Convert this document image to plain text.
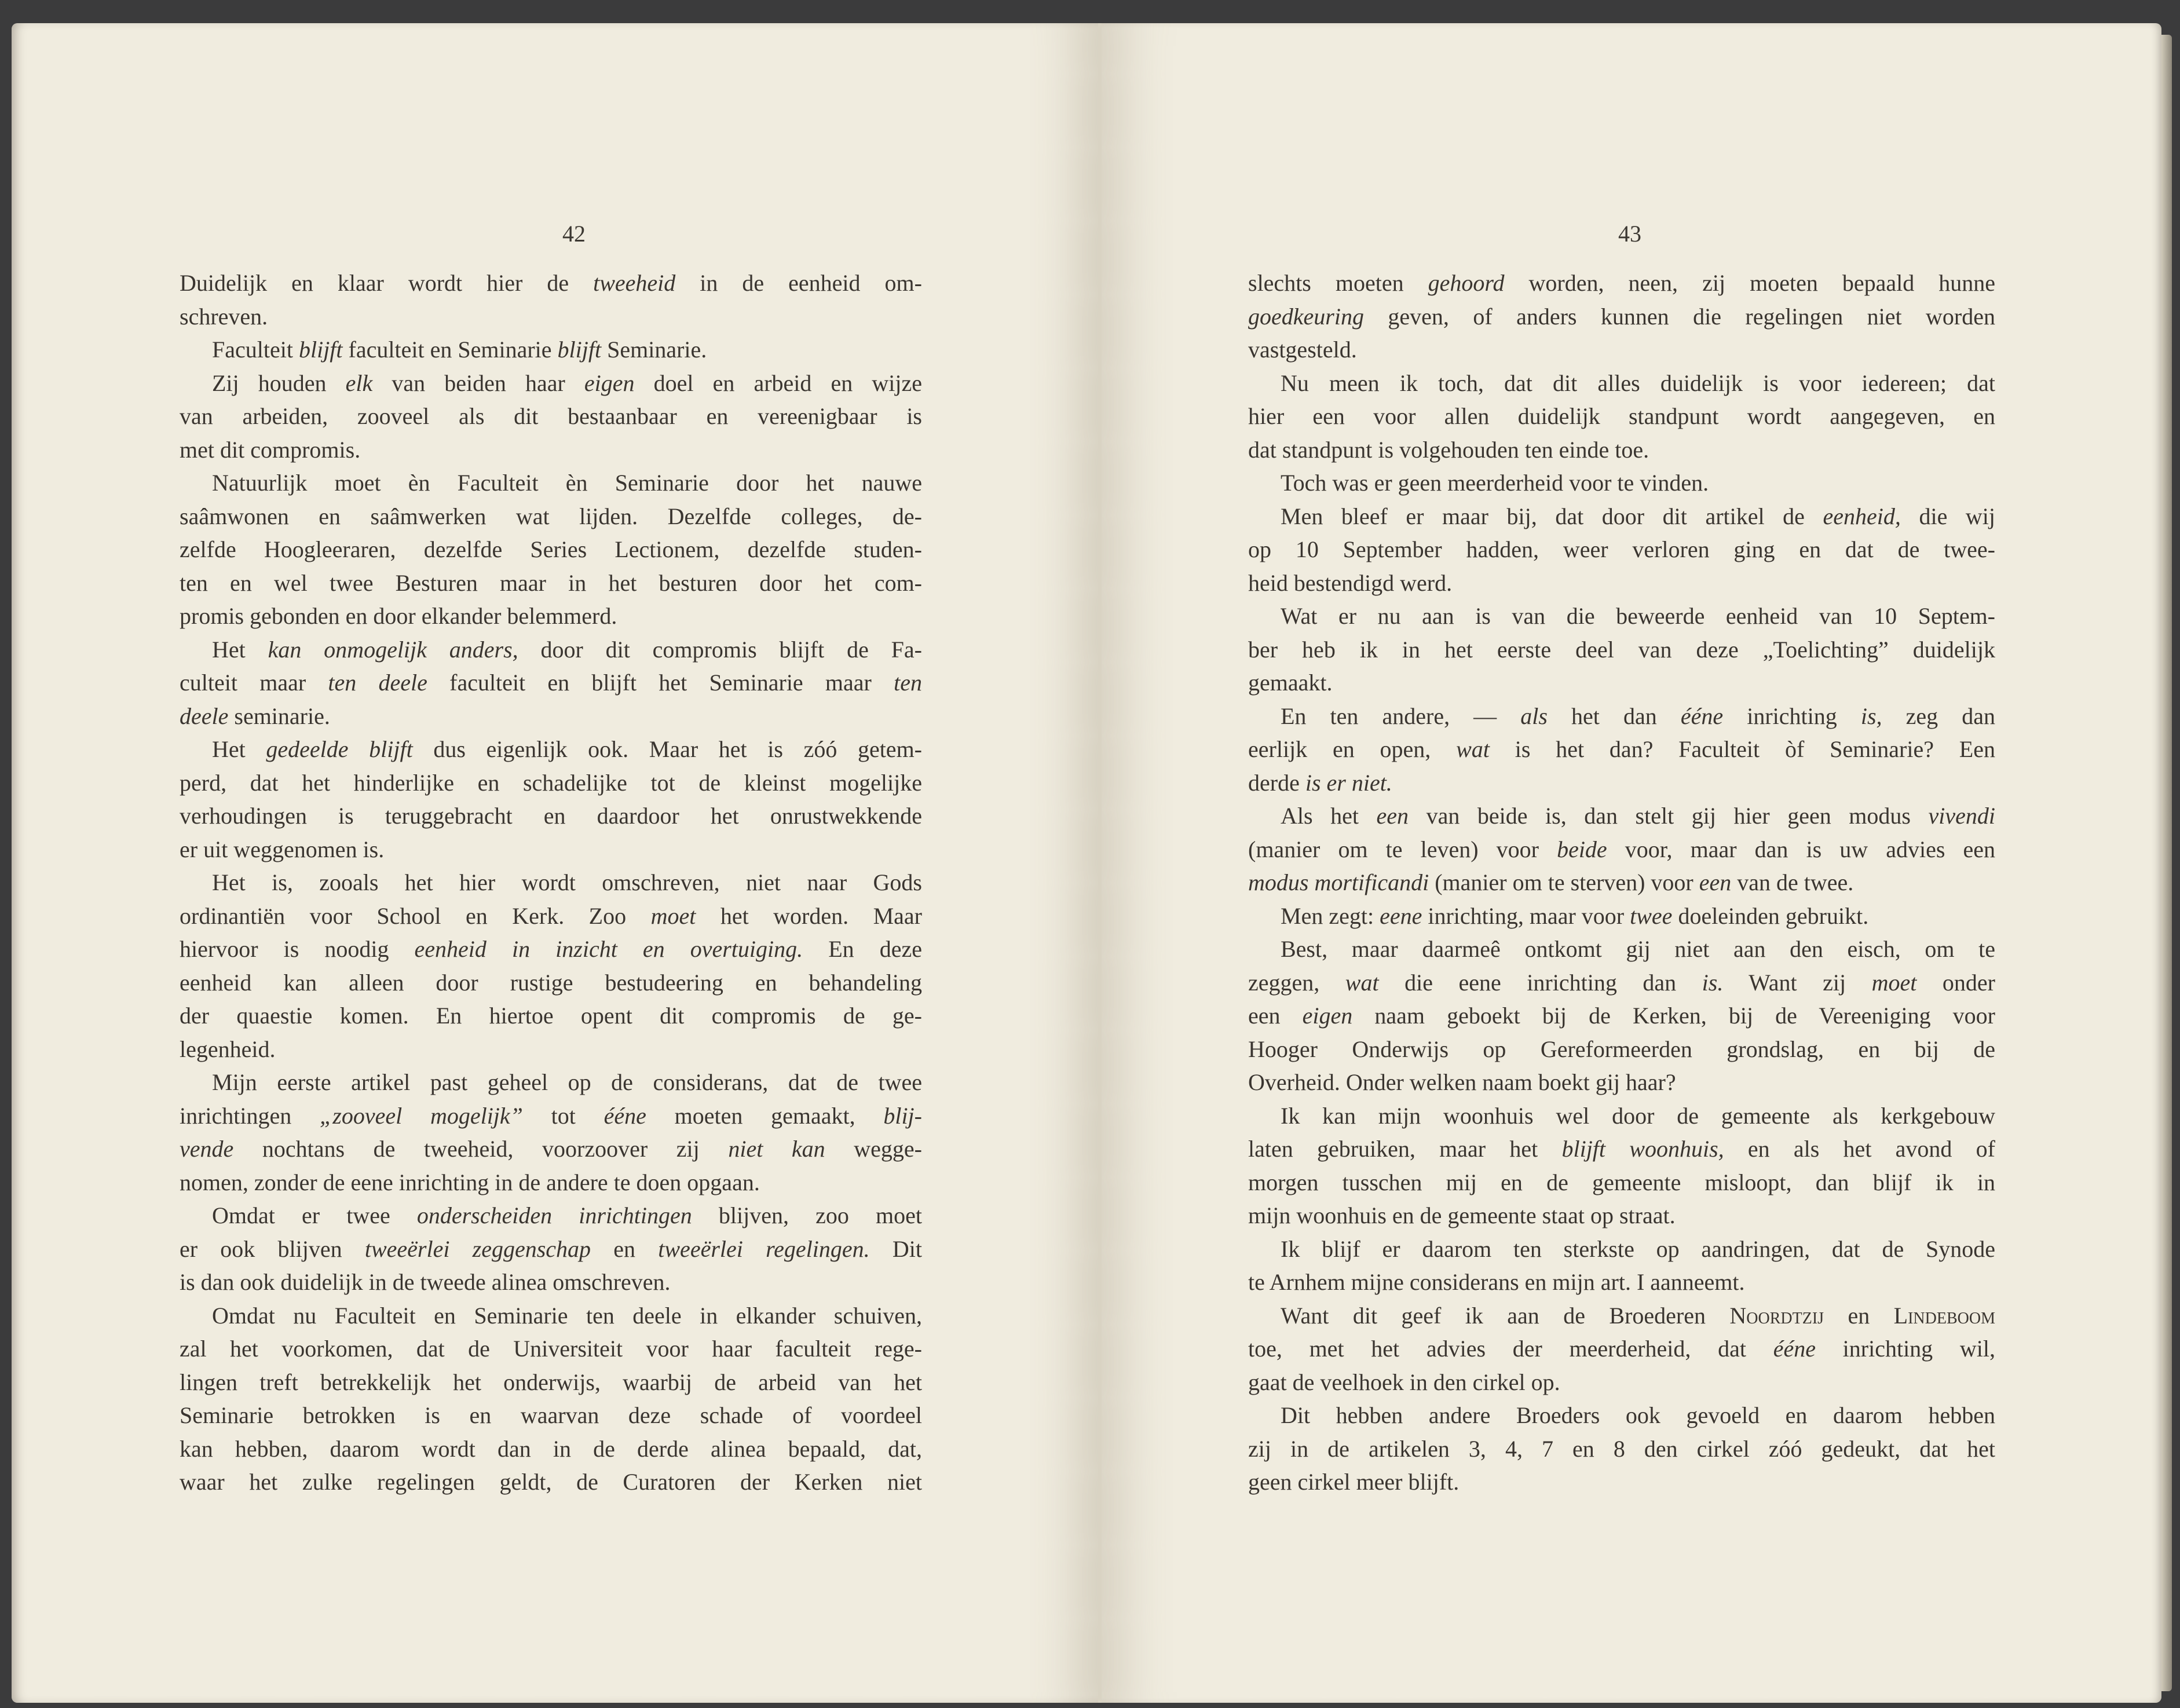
42
Duidelijk en klaar wordt hier de tweeheid in de eenheid om-
schreven.
Faculteit blijft faculteit en Seminarie blijft Seminarie.
Zij houden elk van beiden haar eigen doel en arbeid en wijze
van arbeiden, zooveel als dit bestaanbaar en vereenigbaar is
met dit compromis.
Natuurlijk moet èn Faculteit èn Seminarie door het nauwe
saâmwonen en saâmwerken wat lijden. Dezelfde colleges, de-
zelfde Hoogleeraren, dezelfde Series Lectionem, dezelfde studen-
ten en wel twee Besturen maar in het besturen door het com-
promis gebonden en door elkander belemmerd.
Het kan onmogelijk anders, door dit compromis blijft de Fa-
culteit maar ten deele faculteit en blijft het Seminarie maar ten
deele seminarie.
Het gedeelde blijft dus eigenlijk ook. Maar het is zóó getem-
perd, dat het hinderlijke en schadelijke tot de kleinst mogelijke
verhoudingen is teruggebracht en daardoor het onrustwekkende
er uit weggenomen is.
Het is, zooals het hier wordt omschreven, niet naar Gods
ordinantiën voor School en Kerk. Zoo moet het worden. Maar
hiervoor is noodig eenheid in inzicht en overtuiging. En deze
eenheid kan alleen door rustige bestudeering en behandeling
der quaestie komen. En hiertoe opent dit compromis de ge-
legenheid.
Mijn eerste artikel past geheel op de considerans, dat de twee
inrichtingen „zooveel mogelijk” tot ééne moeten gemaakt, blij-
vende nochtans de tweeheid, voorzoover zij niet kan wegge-
nomen, zonder de eene inrichting in de andere te doen opgaan.
Omdat er twee onderscheiden inrichtingen blijven, zoo moet
er ook blijven tweeërlei zeggenschap en tweeërlei regelingen. Dit
is dan ook duidelijk in de tweede alinea omschreven.
Omdat nu Faculteit en Seminarie ten deele in elkander schuiven,
zal het voorkomen, dat de Universiteit voor haar faculteit rege-
lingen treft betrekkelijk het onderwijs, waarbij de arbeid van het
Seminarie betrokken is en waarvan deze schade of voordeel
kan hebben, daarom wordt dan in de derde alinea bepaald, dat,
waar het zulke regelingen geldt, de Curatoren der Kerken niet
43
slechts moeten gehoord worden, neen, zij moeten bepaald hunne
goedkeuring geven, of anders kunnen die regelingen niet worden
vastgesteld.
Nu meen ik toch, dat dit alles duidelijk is voor iedereen; dat
hier een voor allen duidelijk standpunt wordt aangegeven, en
dat standpunt is volgehouden ten einde toe.
Toch was er geen meerderheid voor te vinden.
Men bleef er maar bij, dat door dit artikel de eenheid, die wij
op 10 September hadden, weer verloren ging en dat de twee-
heid bestendigd werd.
Wat er nu aan is van die beweerde eenheid van 10 Septem-
ber heb ik in het eerste deel van deze „Toelichting” duidelijk
gemaakt.
En ten andere, — als het dan ééne inrichting is, zeg dan
eerlijk en open, wat is het dan? Faculteit òf Seminarie? Een
derde is er niet.
Als het een van beide is, dan stelt gij hier geen modus vivendi
(manier om te leven) voor beide voor, maar dan is uw advies een
modus mortificandi (manier om te sterven) voor een van de twee.
Men zegt: eene inrichting, maar voor twee doeleinden gebruikt.
Best, maar daarmeê ontkomt gij niet aan den eisch, om te
zeggen, wat die eene inrichting dan is. Want zij moet onder
een eigen naam geboekt bij de Kerken, bij de Vereeniging voor
Hooger Onderwijs op Gereformeerden grondslag, en bij de
Overheid. Onder welken naam boekt gij haar?
Ik kan mijn woonhuis wel door de gemeente als kerkgebouw
laten gebruiken, maar het blijft woonhuis, en als het avond of
morgen tusschen mij en de gemeente misloopt, dan blijf ik in
mijn woonhuis en de gemeente staat op straat.
Ik blijf er daarom ten sterkste op aandringen, dat de Synode
te Arnhem mijne considerans en mijn art. I aanneemt.
Want dit geef ik aan de Broederen Noordtzij en Lindeboom
toe, met het advies der meerderheid, dat ééne inrichting wil,
gaat de veelhoek in den cirkel op.
Dit hebben andere Broeders ook gevoeld en daarom hebben
zij in de artikelen 3, 4, 7 en 8 den cirkel zóó gedeukt, dat het
geen cirkel meer blijft.
